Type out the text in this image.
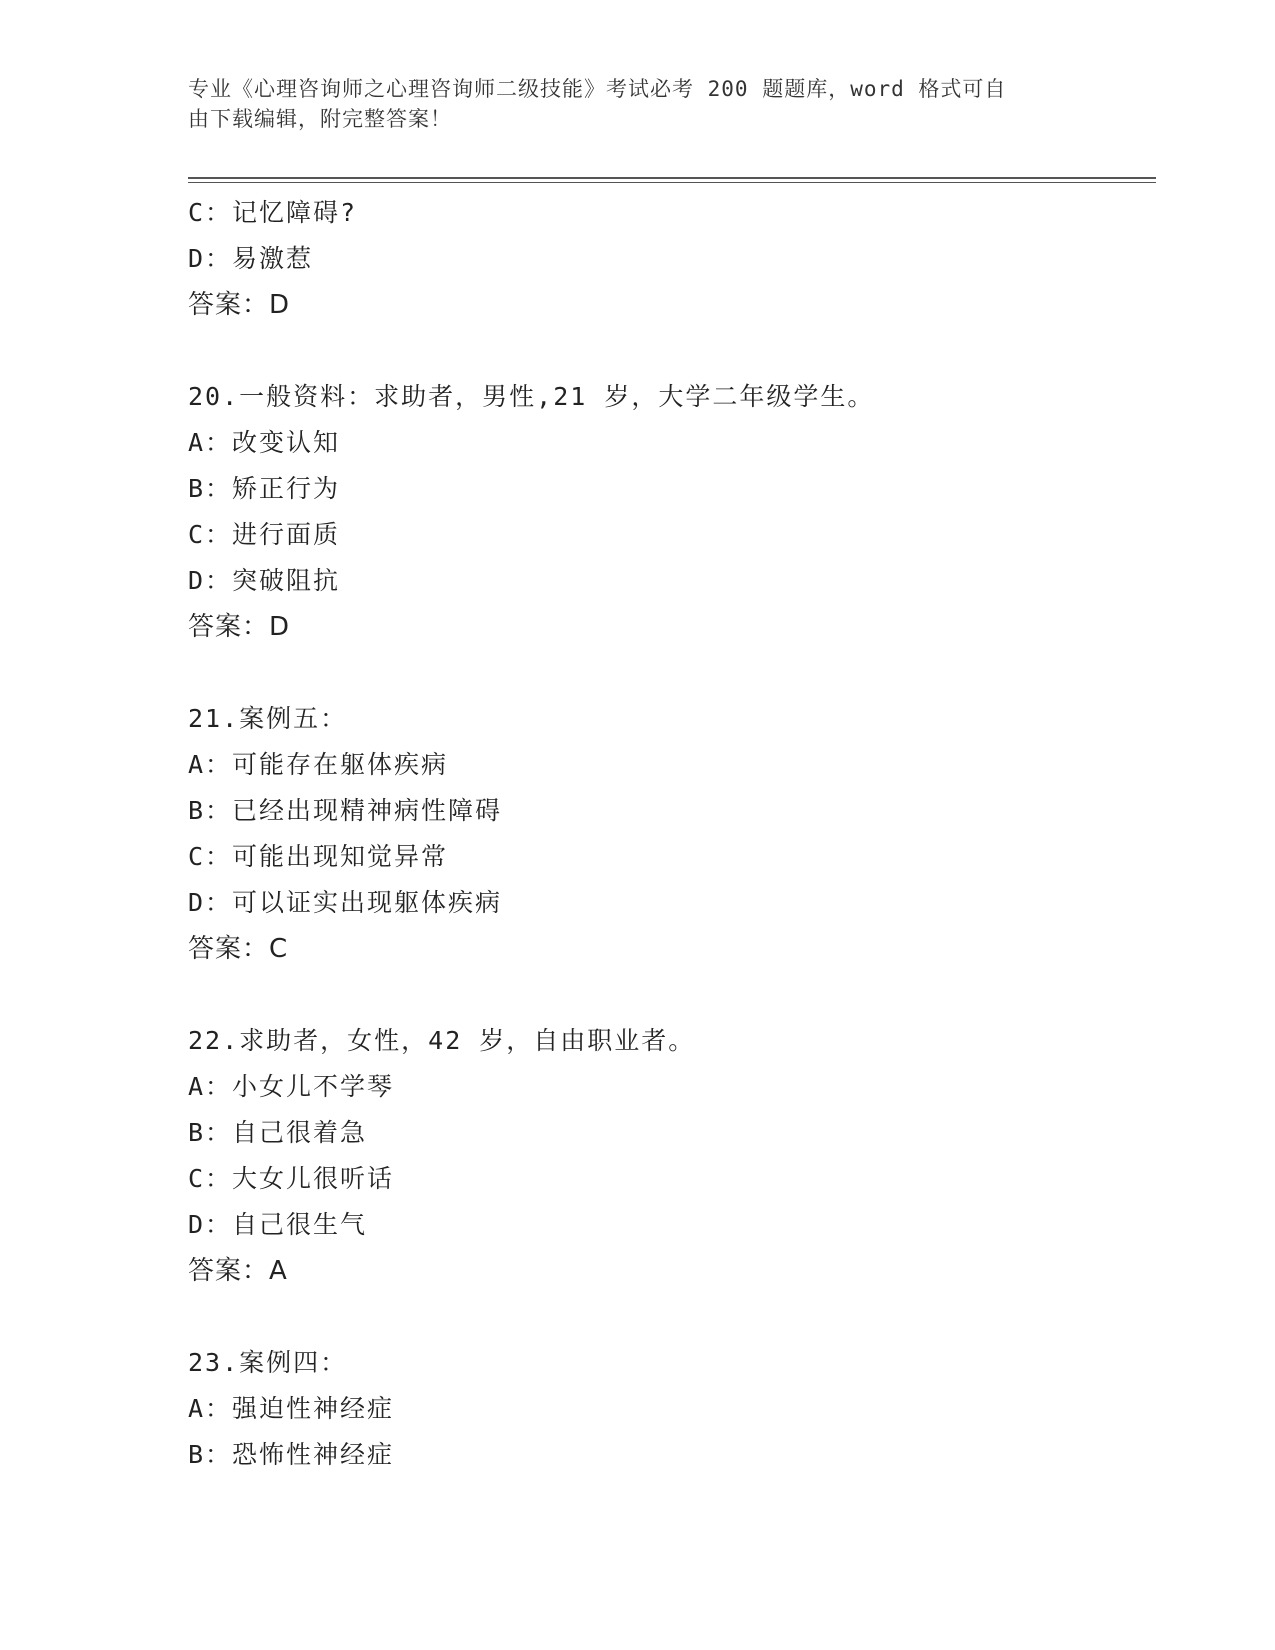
专业《心理咨询师之心理咨询师二级技能》考试必考 200 题题库，word 格式可自
由下载编辑，附完整答案！
C：记忆障碍?
D：易激惹
答案：D
20.一般资料：求助者，男性,21 岁，大学二年级学生。
A：改变认知
B：矫正行为
C：进行面质
D：突破阻抗
答案：D
21.案例五：
A：可能存在躯体疾病
B：已经出现精神病性障碍
C：可能出现知觉异常
D：可以证实出现躯体疾病
答案：C
22.求助者，女性，42 岁，自由职业者。
A：小女儿不学琴
B：自己很着急
C：大女儿很听话
D：自己很生气
答案：A
23.案例四：
A：强迫性神经症
B：恐怖性神经症
